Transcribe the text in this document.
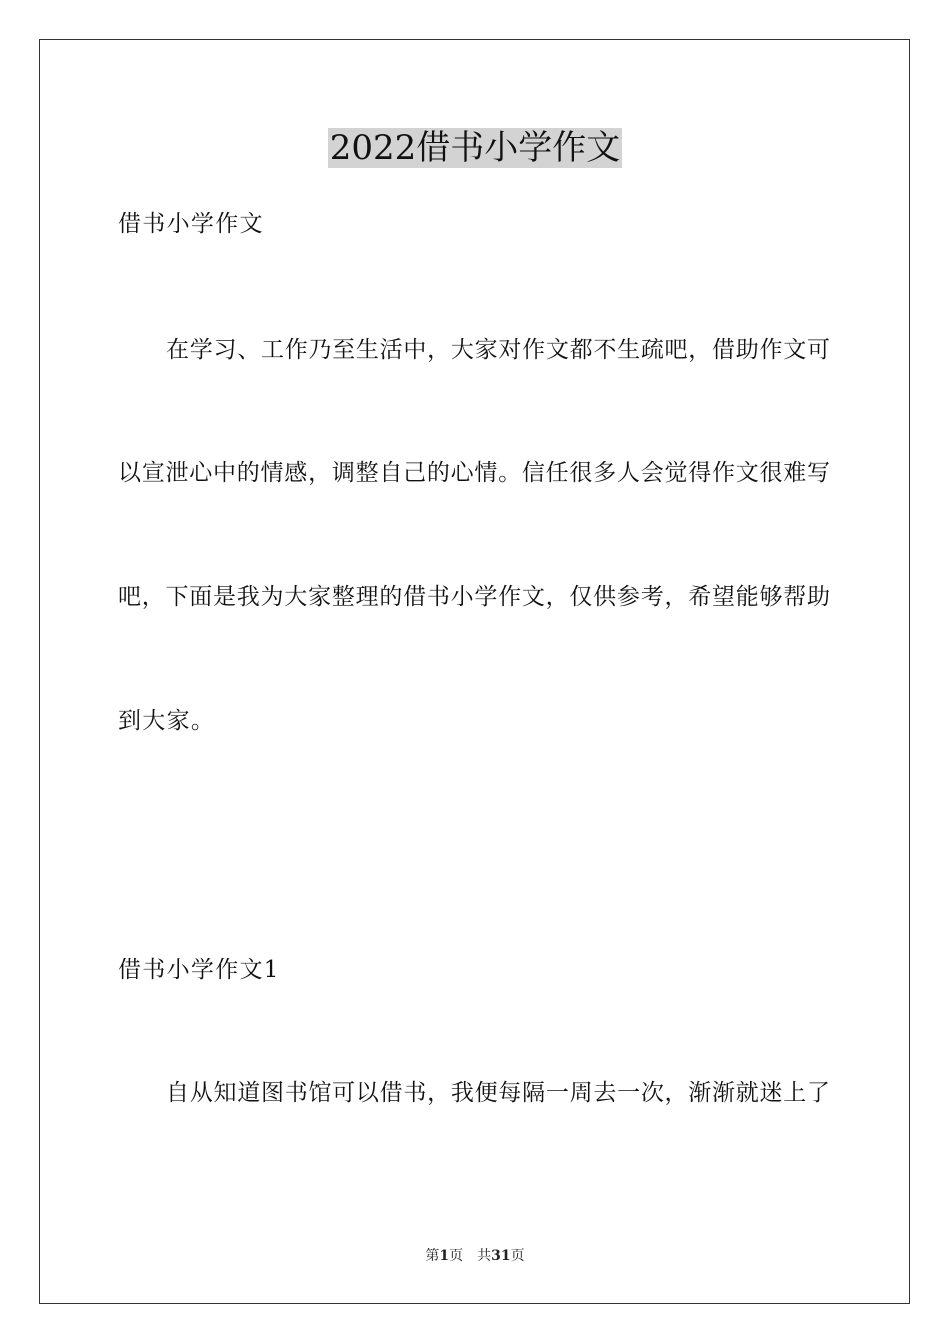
2022借书小学作文

借书小学作文

在学习、工作乃至生活中，大家对作文都不生疏吧，借助作文可

以宣泄心中的情感，调整自己的心情。信任很多人会觉得作文很难写

吧，下面是我为大家整理的借书小学作文，仅供参考，希望能够帮助

到大家。

借书小学作文1

自从知道图书馆可以借书，我便每隔一周去一次，渐渐就迷上了

第1页 共31页
